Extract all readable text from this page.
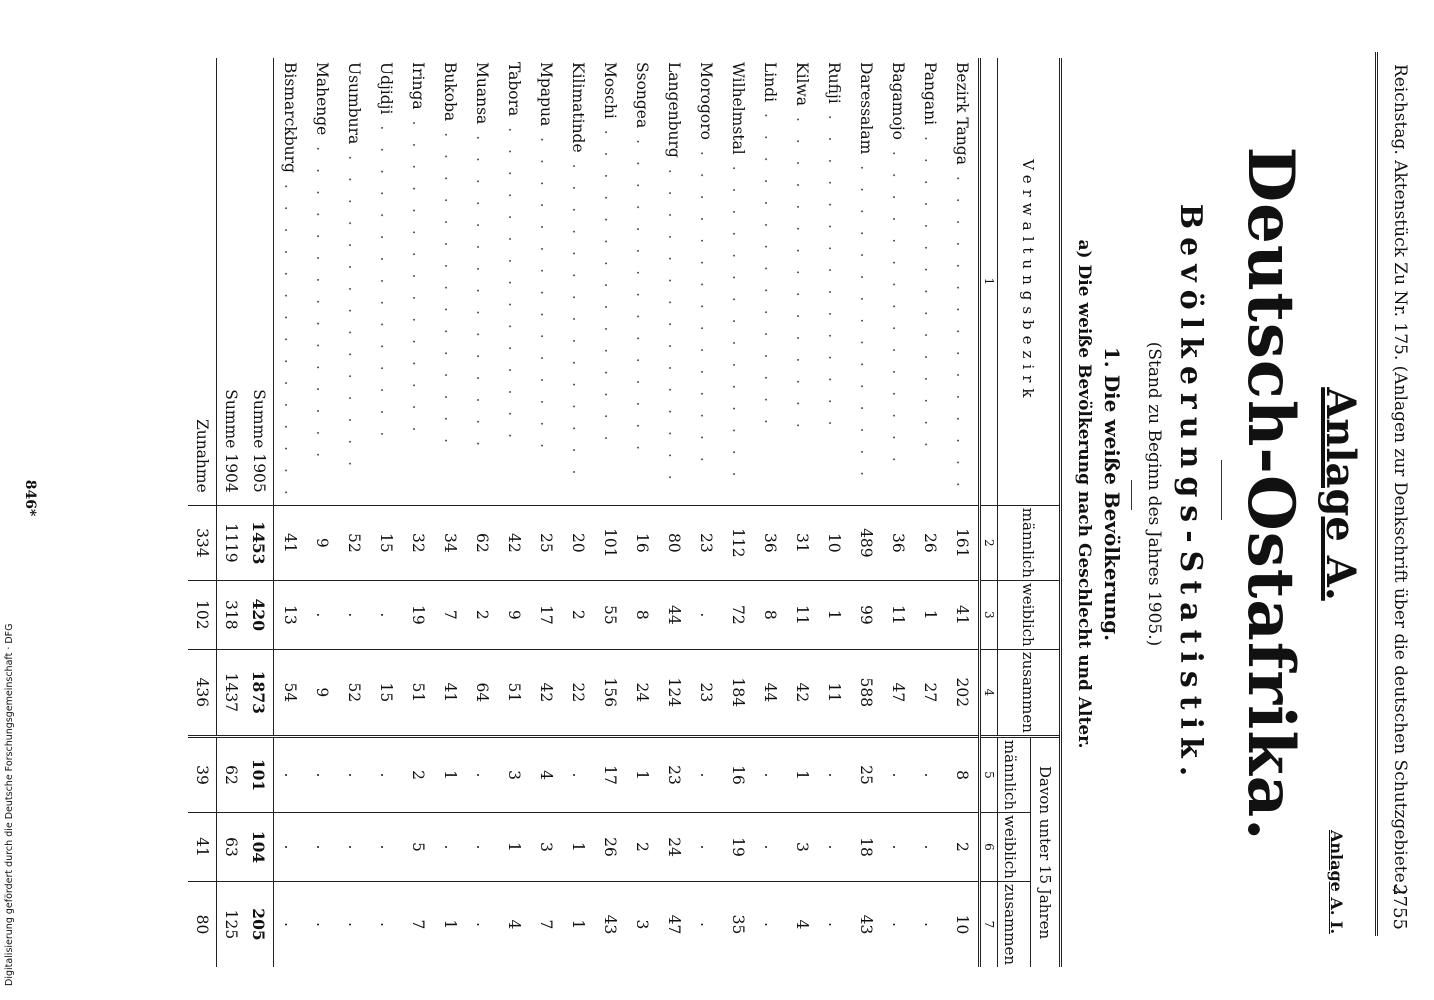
Reichstag. Aktenstück Zu Nr. 175. (Anlagen zur Denkschrift über die deutschen Schutzgebiete.)
2755
Anlage A. I.
Anlage A.
Deutsch-Ostafrika.
Bevölkerungs-Statistik.
(Stand zu Beginn des Jahres 1905.)
1. Die weiße Bevölkerung.
a) Die weiße Bevölkerung nach Geschlecht und Alter.
Verwaltungsbezirk	männlich	weiblich	zusammen	Davon unter 15 Jahren		
				männlich	weiblich	zusammen
1	2	3	4	5	6	7
Bezirk Tanga . . . . . . . . . . . . . . .	161	41	202	8	2	10
Pangani . . . . . . . . . . . . . . .	26	1	27	.	.	.
Bagamojo . . . . . . . . . . . . . . .	36	11	47	.	.	.
Daressalam . . . . . . . . . . . . . . .	489	99	588	25	18	43
Rufiji . . . . . . . . . . . . . . .	10	1	11	.	.	.
Kilwa . . . . . . . . . . . . . . .	31	11	42	1	3	4
Lindi . . . . . . . . . . . . . . .	36	8	44	.	.	.
Wilhelmstal . . . . . . . . . . . . . . .	112	72	184	16	19	35
Morogoro . . . . . . . . . . . . . . .	23	.	23	.	.	.
Langenburg . . . . . . . . . . . . . . .	80	44	124	23	24	47
Ssongea . . . . . . . . . . . . . . .	16	8	24	1	2	3
Moschi . . . . . . . . . . . . . . .	101	55	156	17	26	43
Kilimatinde . . . . . . . . . . . . . . .	20	2	22	.	1	1
Mpapua . . . . . . . . . . . . . . .	25	17	42	4	3	7
Tabora . . . . . . . . . . . . . . .	42	9	51	3	1	4
Muansa . . . . . . . . . . . . . . .	62	2	64	.	.	.
Bukoba . . . . . . . . . . . . . . .	34	7	41	1	.	1
Iringa . . . . . . . . . . . . . . .	32	19	51	2	5	7
Udjidji . . . . . . . . . . . . . . .	15	.	15	.	.	.
Usumbura . . . . . . . . . . . . . . .	52	.	52	.	.	.
Mahenge . . . . . . . . . . . . . . .	9	.	9	.	.	.
Bismarckburg . . . . . . . . . . . . . . .	41	13	54	.	.	.
Summe 1905	1453	420	1873	101	104	205
Summe 1904	1119	318	1437	62	63	125
Zunahme	334	102	436	39	41	80
846*
Digitalisierung gefördert durch die Deutsche Forschungsgemeinschaft · DFG
